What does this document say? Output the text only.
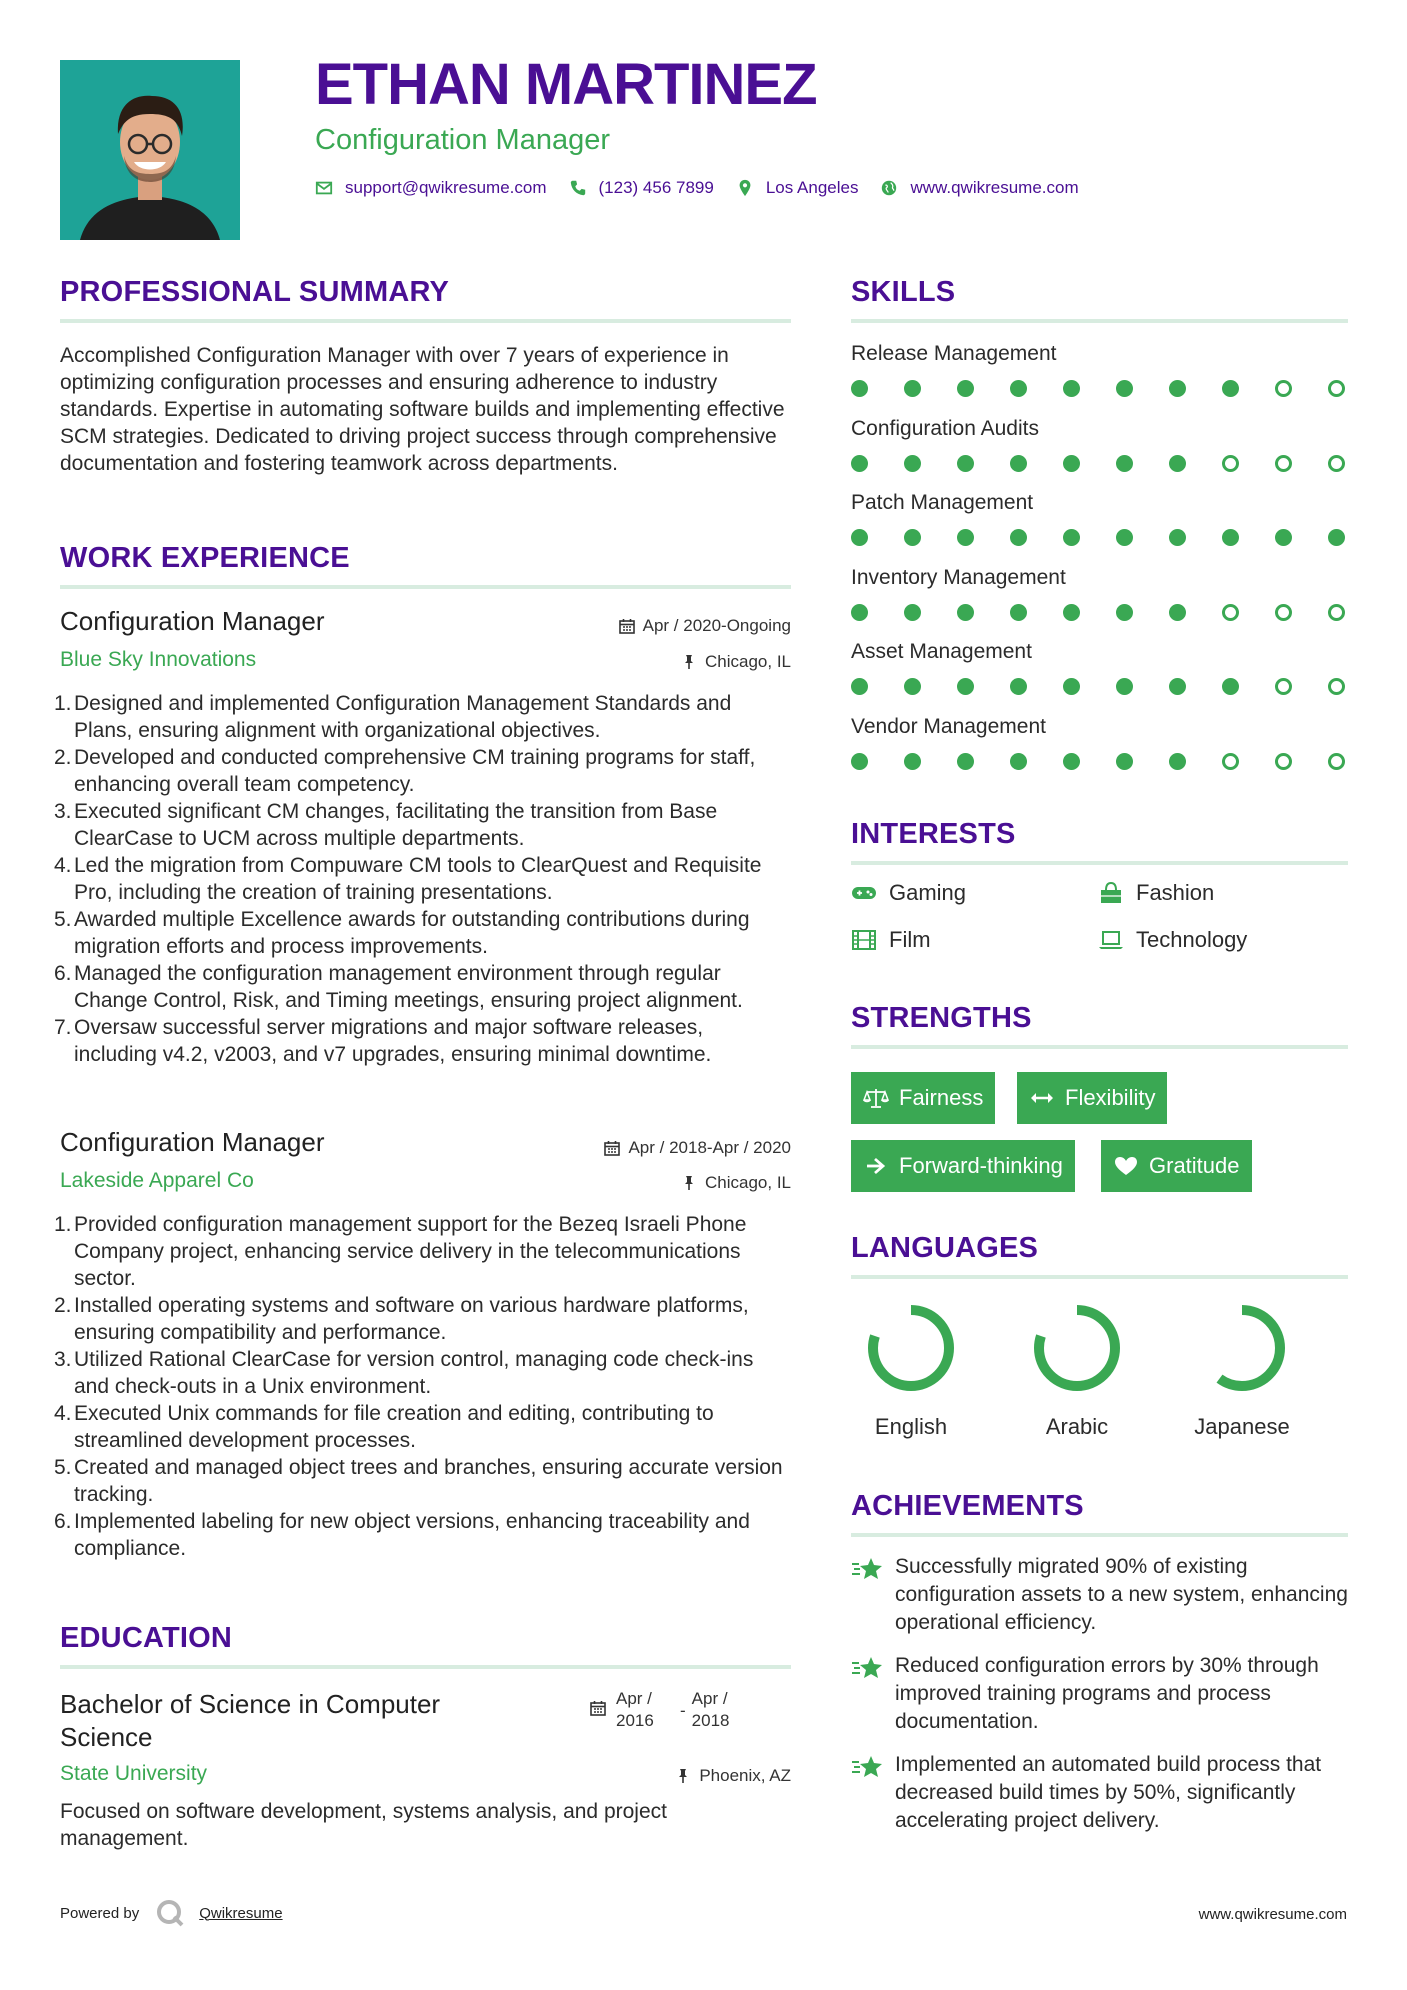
ETHAN MARTINEZ
Configuration Manager
support@qwikresume.com	(123) 456 7899	Los Angeles	www.qwikresume.com
PROFESSIONAL SUMMARY
Accomplished Configuration Manager with over 7 years of experience in optimizing configuration processes and ensuring adherence to industry standards. Expertise in automating software builds and implementing effective SCM strategies. Dedicated to driving project success through comprehensive documentation and fostering teamwork across departments.
WORK EXPERIENCE
Configuration Manager	Apr / 2020-Ongoing
Blue Sky Innovations	Chicago, IL
1. Designed and implemented Configuration Management Standards and Plans, ensuring alignment with organizational objectives.
2. Developed and conducted comprehensive CM training programs for staff, enhancing overall team competency.
3. Executed significant CM changes, facilitating the transition from Base ClearCase to UCM across multiple departments.
4. Led the migration from Compuware CM tools to ClearQuest and Requisite Pro, including the creation of training presentations.
5. Awarded multiple Excellence awards for outstanding contributions during migration efforts and process improvements.
6. Managed the configuration management environment through regular Change Control, Risk, and Timing meetings, ensuring project alignment.
7. Oversaw successful server migrations and major software releases, including v4.2, v2003, and v7 upgrades, ensuring minimal downtime.
Configuration Manager	Apr / 2018-Apr / 2020
Lakeside Apparel Co	Chicago, IL
1. Provided configuration management support for the Bezeq Israeli Phone Company project, enhancing service delivery in the telecommunications sector.
2. Installed operating systems and software on various hardware platforms, ensuring compatibility and performance.
3. Utilized Rational ClearCase for version control, managing code check-ins and check-outs in a Unix environment.
4. Executed Unix commands for file creation and editing, contributing to streamlined development processes.
5. Created and managed object trees and branches, ensuring accurate version tracking.
6. Implemented labeling for new object versions, enhancing traceability and compliance.
EDUCATION
Bachelor of Science in Computer Science
Apr / 2016
-
Apr / 2018
State University	Phoenix, AZ
Focused on software development, systems analysis, and project management.
SKILLS
Release Management
Configuration Audits
Patch Management
Inventory Management
Asset Management
Vendor Management
INTERESTS
Gaming	Fashion
Film	Technology
STRENGTHS
Fairness	Flexibility
Forward-thinking	Gratitude
LANGUAGES
English	Arabic	Japanese
ACHIEVEMENTS
Successfully migrated 90% of existing configuration assets to a new system, enhancing operational efficiency.
Reduced configuration errors by 30% through improved training programs and process documentation.
Implemented an automated build process that decreased build times by 50%, significantly accelerating project delivery.
Powered by	Qwikresume	www.qwikresume.com
